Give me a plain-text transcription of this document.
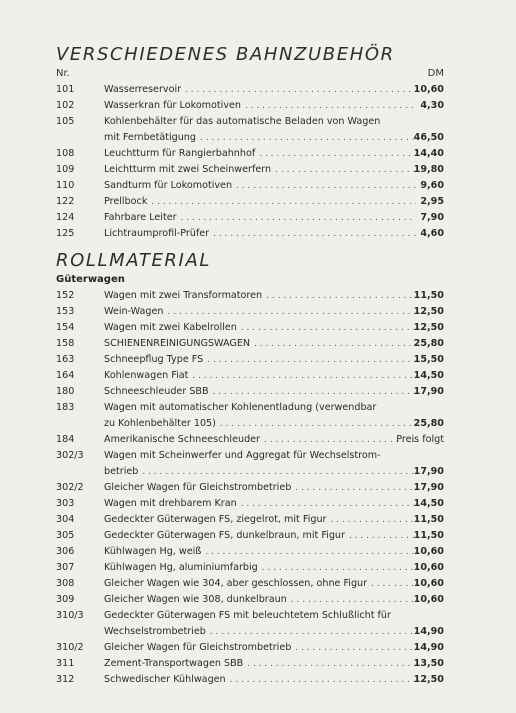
VERSCHIEDENES BAHNZUBEHÖR
Nr.	DM
101	Wasserreservoir . . .	10,60
102	Wasserkran für Lokomotiven . . .	4,30
105	Kohlenbehälter für das automatische Beladen von Wagen
mit Fernbetätigung . . .	46,50
108	Leuchtturm für Rangierbahnhof . . .	14,40
109	Leichtturm mit zwei Scheinwerfern . . .	19,80
110	Sandturm für Lokomotiven . . .	9,60
122	Prellbock . . .	2,95
124	Fahrbare Leiter . . .	7,90
125	Lichtraumprofil-Prüfer . . .	4,60
ROLLMATERIAL
Güterwagen
152	Wagen mit zwei Transformatoren . . .	11,50
153	Wein-Wagen . . .	12,50
154	Wagen mit zwei Kabelrollen . . .	12,50
158	SCHIENENREINIGUNGSWAGEN . . .	25,80
163	Schneepflug Type FS . . .	15,50
164	Kohlenwagen Fiat . . .	14,50
180	Schneeschleuder SBB . . .	17,90
183	Wagen mit automatischer Kohlenentladung (verwendbar
zu Kohlenbehälter 105) . . .	25,80
184	Amerikanische Schneeschleuder . . .	Preis folgt
302/3	Wagen mit Scheinwerfer und Aggregat für Wechselstrom-
betrieb . . .	17,90
302/2	Gleicher Wagen für Gleichstrombetrieb . . .	17,90
303	Wagen mit drehbarem Kran . . .	14,50
304	Gedeckter Güterwagen FS, ziegelrot, mit Figur . . .	11,50
305	Gedeckter Güterwagen FS, dunkelbraun, mit Figur . . .	11,50
306	Kühlwagen Hg, weiß . . .	10,60
307	Kühlwagen Hg, aluminiumfarbig . . .	10,60
308	Gleicher Wagen wie 304, aber geschlossen, ohne Figur . . .	10,60
309	Gleicher Wagen wie 308, dunkelbraun . . .	10,60
310/3	Gedeckter Güterwagen FS mit beleuchtetem Schlußlicht für
Wechselstrombetrieb . . .	14,90
310/2	Gleicher Wagen für Gleichstrombetrieb . . .	14,90
311	Zement-Transportwagen SBB . . .	13,50
312	Schwedischer Kühlwagen . . .	12,50
